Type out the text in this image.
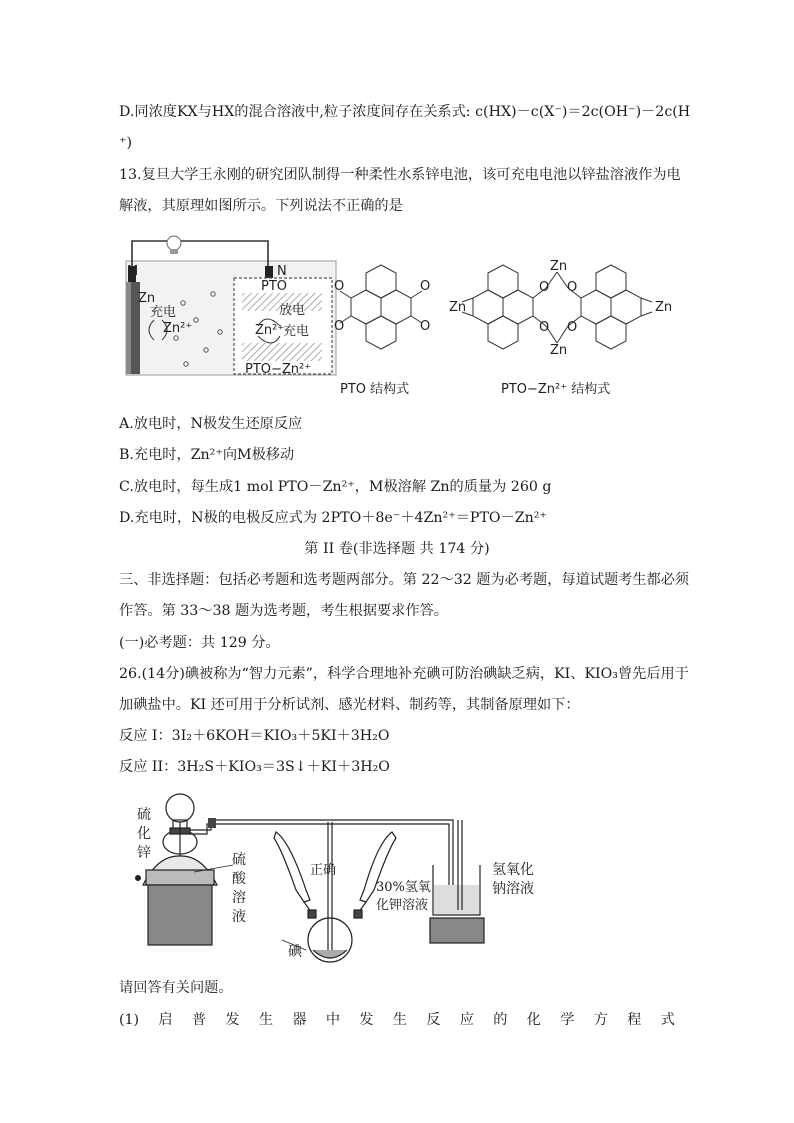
D.同浓度KX与HX的混合溶液中,粒子浓度间存在关系式: c(HX)－c(X⁻)＝2c(OH⁻)－2c(H
⁺)
13.复旦大学王永刚的研究团队制得一种柔性水系锌电池，该可充电电池以锌盐溶液作为电
解液，其原理如图所示。下列说法不正确的是
M	N
Zn
PTO
PTO−Zn²⁺
充电
Zn²⁺
放电
充电
Zn²⁺
O
O
O
O
Zn	Zn
Zn
Zn
O O
O O
PTO 结构式	PTO−Zn²⁺ 结构式
A.放电时，N极发生还原反应
B.充电时，Zn²⁺向M极移动
C.放电时，每生成1 mol PTO－Zn²⁺，M极溶解 Zn的质量为 260 g
D.充电时，N极的电极反应式为 2PTO＋8e⁻＋4Zn²⁺＝PTO－Zn²⁺
第 II 卷(非选择题 共 174 分)
三、非选择题：包括必考题和选考题两部分。第 22～32 题为必考题，每道试题考生都必须
作答。第 33～38 题为选考题，考生根据要求作答。
(一)必考题：共 129 分。
26.(14分)碘被称为“智力元素”，科学合理地补充碘可防治碘缺乏病，KI、KIO₃曾先后用于
加碘盐中。KI 还可用于分析试剂、感光材料、制药等，其制备原理如下：
反应 I：3I₂＋6KOH＝KIO₃＋5KI＋3H₂O
反应 II：3H₂S＋KIO₃＝3S↓＋KI＋3H₂O
硫
化
锌	硫
酸
溶
液
正确
30%氢氧
化钾溶液
氢氧化
钠溶液
碘
请回答有关问题。
(1) 启 普 发 生 器 中 发 生 反 应 的 化 学 方 程 式
